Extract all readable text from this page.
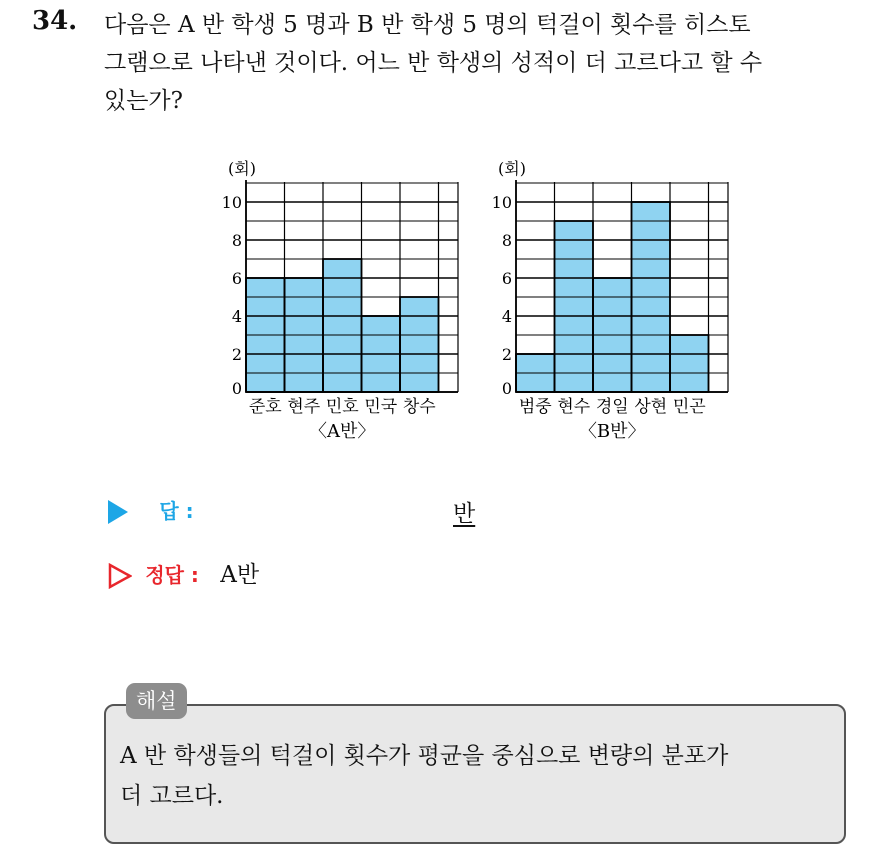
34. 다음은 A 반 학생 5 명과 B 반 학생 5 명의 턱걸이 횟수를 히스토
그램으로 나타낸 것이다. 어느 반 학생의 성적이 더 고르다고 할 수
있는가?
0
2
4
6
8
10
(회)
준호 현주 민호 민국 창수
〈A반〉
0
2
4
6
8
10
(회)
범중 현수 경일 상현 민곤
〈B반〉
답 :	반
정답 : A반
해설
A 반 학생들의 턱걸이 횟수가 평균을 중심으로 변량의 분포가
더 고르다.
